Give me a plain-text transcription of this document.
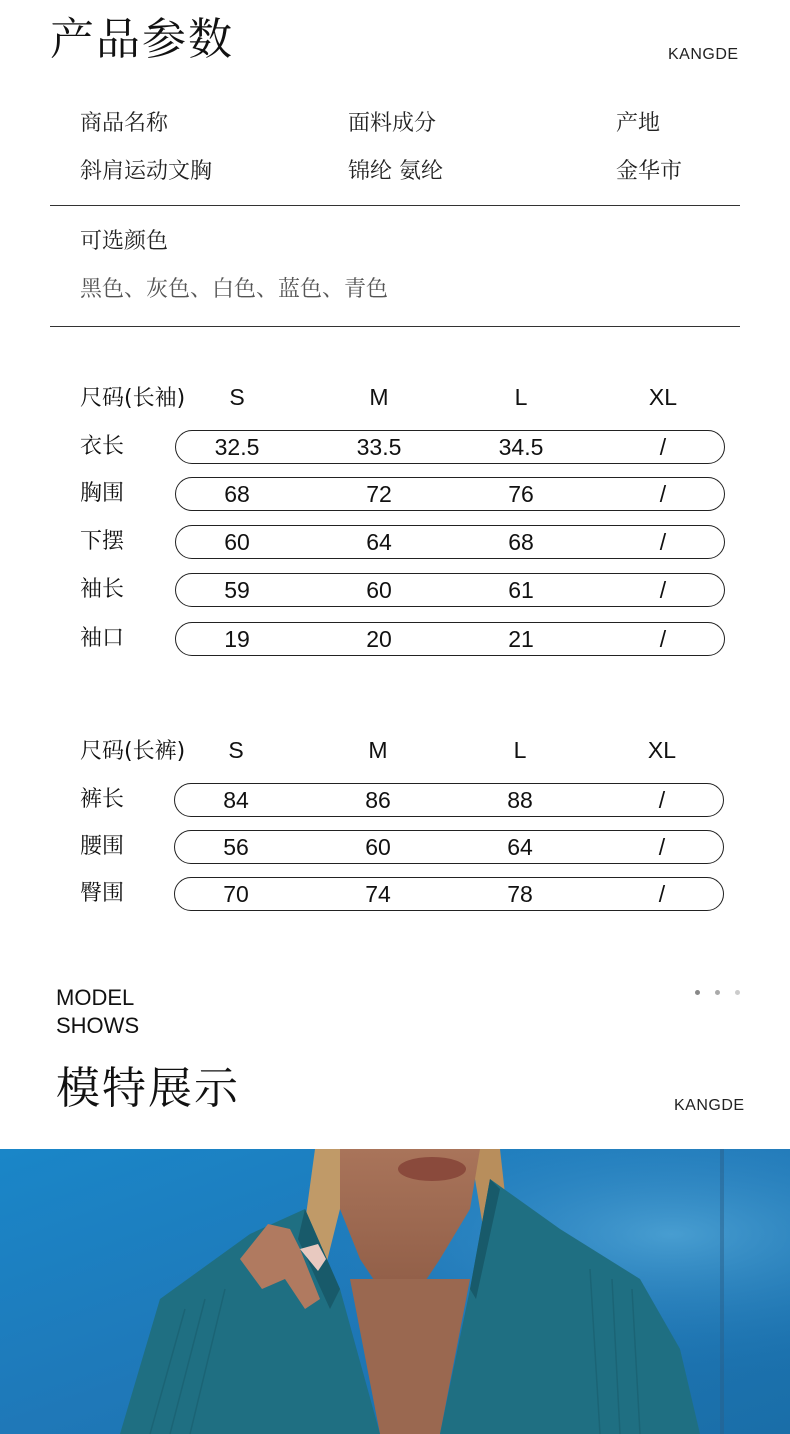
产品参数	KANGDE
商品名称	面料成分	产地
斜肩运动文胸	锦纶 氨纶	金华市
可选颜色
黑色、灰色、白色、蓝色、青色
尺码(长袖)	S	M	L	XL
衣长	32.5	33.5	34.5	/
胸围	68	72	76	/
下摆	60	64	68	/
袖长	59	60	61	/
袖口	19	20	21	/
尺码(长裤)	S	M	L	XL
裤长	84	86	88	/
腰围	56	60	64	/
臀围	70	74	78	/
MODEL
SHOWS
模特展示	KANGDE
